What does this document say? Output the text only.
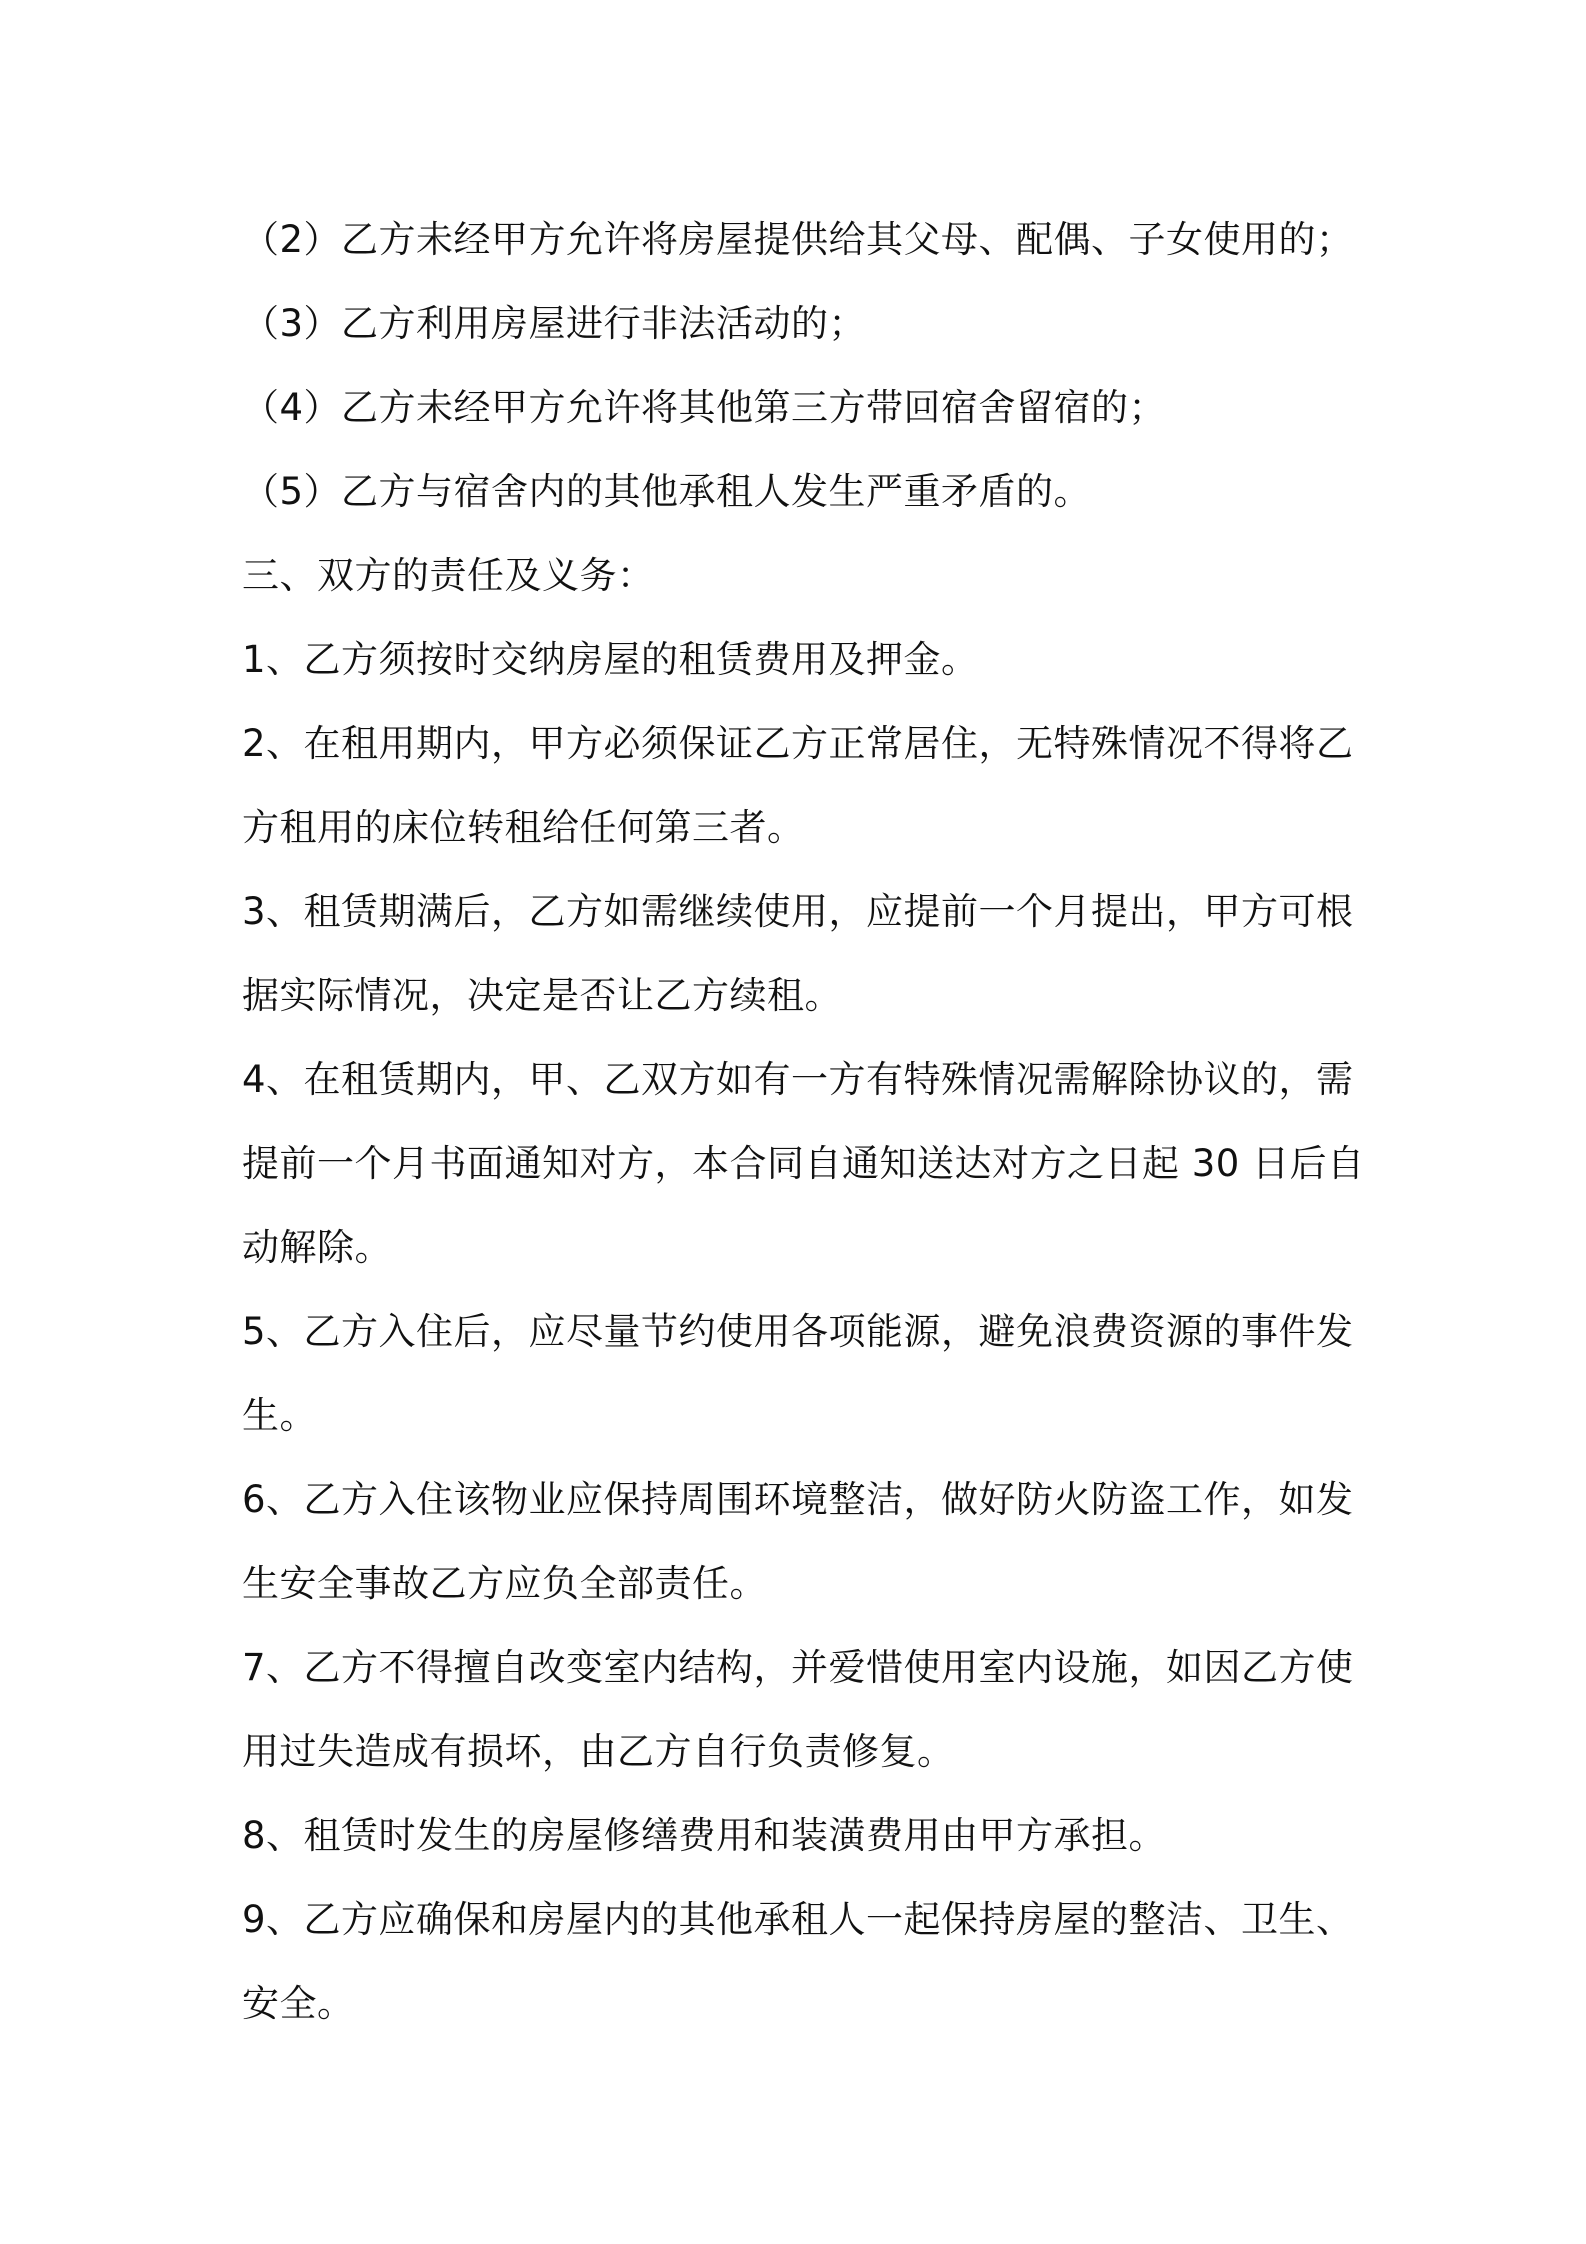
（2）乙方未经甲方允许将房屋提供给其父母、配偶、子女使用的；
（3）乙方利用房屋进行非法活动的；
（4）乙方未经甲方允许将其他第三方带回宿舍留宿的；
（5）乙方与宿舍内的其他承租人发生严重矛盾的。
三、双方的责任及义务：
1、乙方须按时交纳房屋的租赁费用及押金。
2、在租用期内，甲方必须保证乙方正常居住，无特殊情况不得将乙
方租用的床位转租给任何第三者。
3、租赁期满后，乙方如需继续使用，应提前一个月提出，甲方可根
据实际情况，决定是否让乙方续租。
4、在租赁期内，甲、乙双方如有一方有特殊情况需解除协议的，需
提前一个月书面通知对方，本合同自通知送达对方之日起 30 日后自
动解除。
5、乙方入住后，应尽量节约使用各项能源，避免浪费资源的事件发
生。
6、乙方入住该物业应保持周围环境整洁，做好防火防盗工作，如发
生安全事故乙方应负全部责任。
7、乙方不得擅自改变室内结构，并爱惜使用室内设施，如因乙方使
用过失造成有损坏，由乙方自行负责修复。
8、租赁时发生的房屋修缮费用和装潢费用由甲方承担。
9、乙方应确保和房屋内的其他承租人一起保持房屋的整洁、卫生、
安全。
